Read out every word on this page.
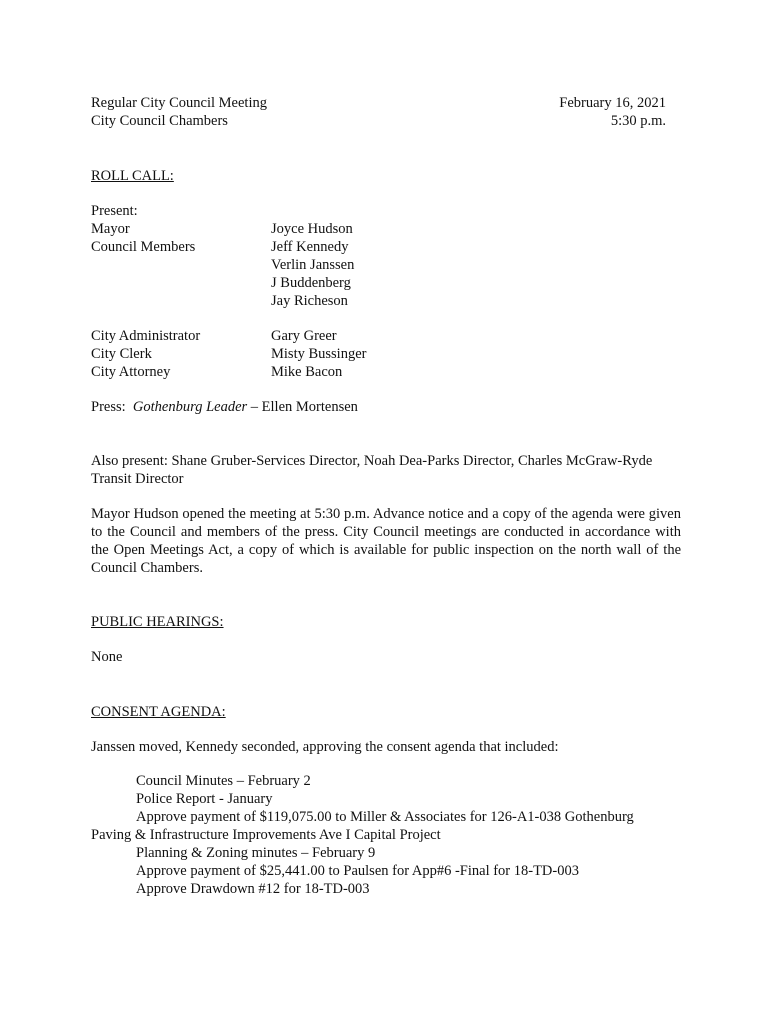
Regular City Council Meeting
City Council Chambers
February 16, 2021
5:30 p.m.
ROLL CALL:
Present:
Mayor	Joyce Hudson
Council Members	Jeff Kennedy
Verlin Janssen
J Buddenberg
Jay Richeson
City Administrator	Gary Greer
City Clerk	Misty Bussinger
City Attorney	Mike Bacon
Press: Gothenburg Leader – Ellen Mortensen
Also present: Shane Gruber-Services Director, Noah Dea-Parks Director, Charles McGraw-Ryde Transit Director
Mayor Hudson opened the meeting at 5:30 p.m. Advance notice and a copy of the agenda were given to the Council and members of the press. City Council meetings are conducted in accordance with the Open Meetings Act, a copy of which is available for public inspection on the north wall of the Council Chambers.
PUBLIC HEARINGS:
None
CONSENT AGENDA:
Janssen moved, Kennedy seconded, approving the consent agenda that included:
Council Minutes – February 2
Police Report - January
Approve payment of $119,075.00 to Miller & Associates for 126-A1-038 Gothenburg
Paving & Infrastructure Improvements Ave I Capital Project
Planning & Zoning minutes – February 9
Approve payment of $25,441.00 to Paulsen for App#6 -Final for 18-TD-003
Approve Drawdown #12 for 18-TD-003
